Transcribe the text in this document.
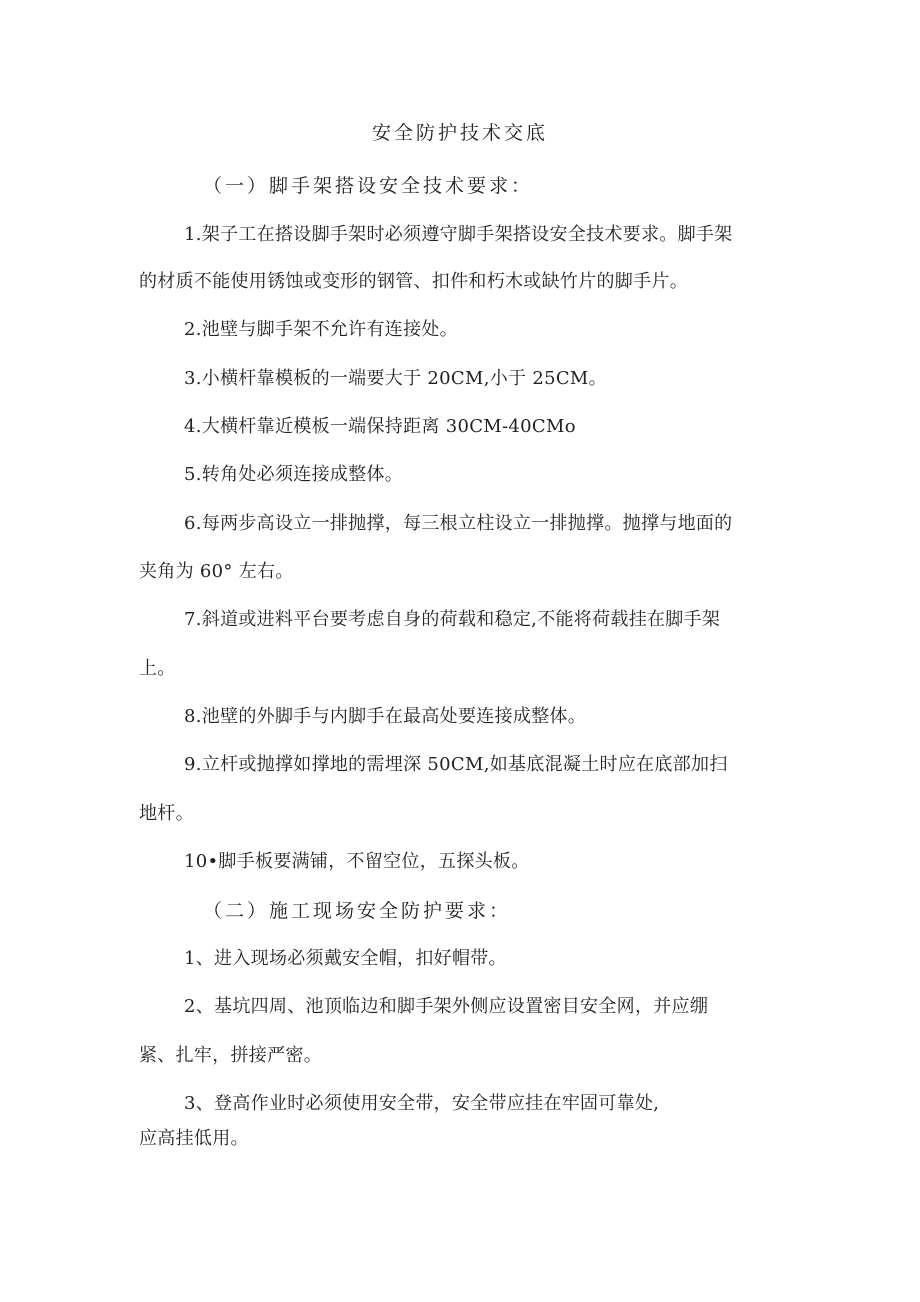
安全防护技术交底
（一）脚手架搭设安全技术要求：
1.架子工在搭设脚手架时必须遵守脚手架搭设安全技术要求。脚手架
的材质不能使用锈蚀或变形的钢管、扣件和朽木或缺竹片的脚手片。
2.池壁与脚手架不允许有连接处。
3.小横杆靠模板的一端要大于 20CM,小于 25CM。
4.大横杆靠近模板一端保持距离 30CM-40CMo
5.转角处必须连接成整体。
6.每两步高设立一排抛撑，每三根立柱设立一排抛撑。抛撑与地面的
夹角为 60° 左右。
7.斜道或进料平台要考虑自身的荷载和稳定,不能将荷载挂在脚手架
上。
8.池壁的外脚手与内脚手在最高处要连接成整体。
9.立杆或抛撑如撑地的需埋深 50CM,如基底混凝土时应在底部加扫
地杆。
10•脚手板要满铺，不留空位，五探头板。
（二）施工现场安全防护要求：
1、进入现场必须戴安全帽，扣好帽带。
2、基坑四周、池顶临边和脚手架外侧应设置密目安全网，并应绷
紧、扎牢，拼接严密。
3、登高作业时必须使用安全带，安全带应挂在牢固可靠处,
应高挂低用。
